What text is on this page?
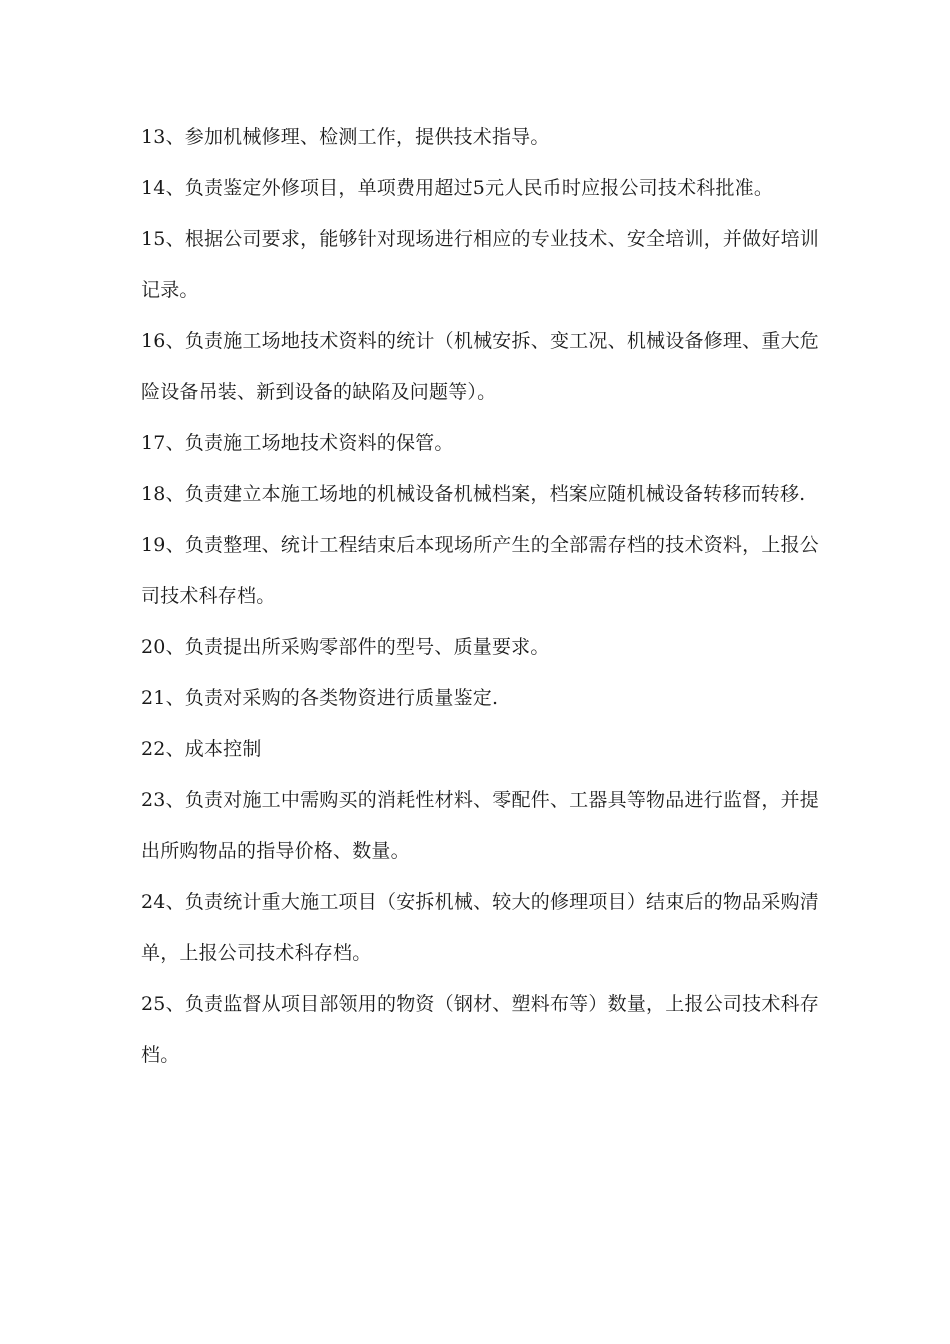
13、参加机械修理、检测工作，提供技术指导。

14、负责鉴定外修项目，单项费用超过5元人民币时应报公司技术科批准。

15、根据公司要求，能够针对现场进行相应的专业技术、安全培训，并做好培训记录。

16、负责施工场地技术资料的统计（机械安拆、变工况、机械设备修理、重大危险设备吊装、新到设备的缺陷及问题等）。

17、负责施工场地技术资料的保管。

18、负责建立本施工场地的机械设备机械档案，档案应随机械设备转移而转移.

19、负责整理、统计工程结束后本现场所产生的全部需存档的技术资料，上报公司技术科存档。

20、负责提出所采购零部件的型号、质量要求。

21、负责对采购的各类物资进行质量鉴定.

22、成本控制

23、负责对施工中需购买的消耗性材料、零配件、工器具等物品进行监督，并提出所购物品的指导价格、数量。

24、负责统计重大施工项目（安拆机械、较大的修理项目）结束后的物品采购清单，上报公司技术科存档。

25、负责监督从项目部领用的物资（钢材、塑料布等）数量，上报公司技术科存档。
